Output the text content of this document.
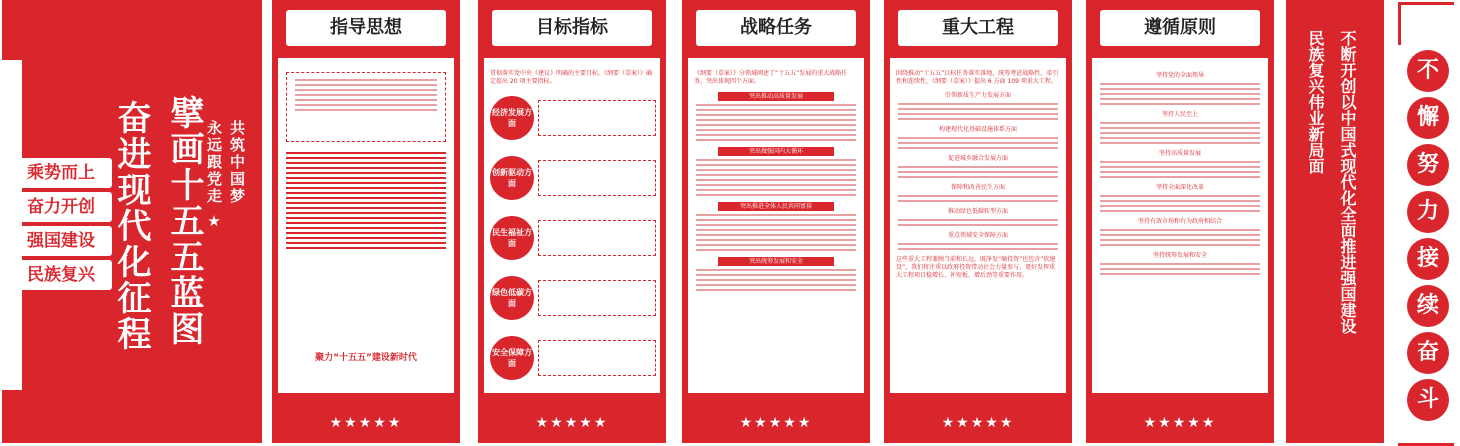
乘势而上
奋力开创
强国建设
民族复兴	擘画十五五蓝图
奋进现代化征程	永远跟党走 ★ 共筑中国梦
指导思想
聚力“十五五”建设新时代
★★★★★
目标指标
贯彻落实党中央《建议》明确的主要目标，《纲要（草案）》确定提出 20 项主要指标。
经济发展方面
创新驱动方面
民生福祉方面
绿色低碳方面
安全保障方面
★★★★★
战略任务
《纲要（草案）》分领域阐述了“十五五”发展的重大战略任务，突出体现四个方面。
突出推动高质量发展
突出做强国内大循环
突出推进全体人民共同富裕
突出统筹发展和安全
★★★★★
重大工程
围绕推动“十五五”目标任务落实落地，统筹考虑战略性、牵引性和连续性，《纲要（草案）》提出 6 方面 109 项重大工程。
引领新质生产力发展方面
构建现代化基础设施体系方面
促进城乡融合发展方面
保障和改善民生方面
推动绿色低碳转型方面
重点领域安全保障方面
这些重大工程兼顾当前和长远，既净发“硬投资”也包含“软建设”，我们将注重以政府投资带动社会力量参与，更好发挥重大工程项目稳增长、补短板、增后劲等重要作用。
★★★★★
遵循原则
坚持党的全面领导
坚持人民至上
坚持高质量发展
坚持全面深化改革
坚持有效市场和有为政府相结合
坚持统筹发展和安全
★★★★★
不断开创以中国式现代化全面推进强国建设
民族复兴伟业新局面	不
懈
努
力
接
续
奋
斗
